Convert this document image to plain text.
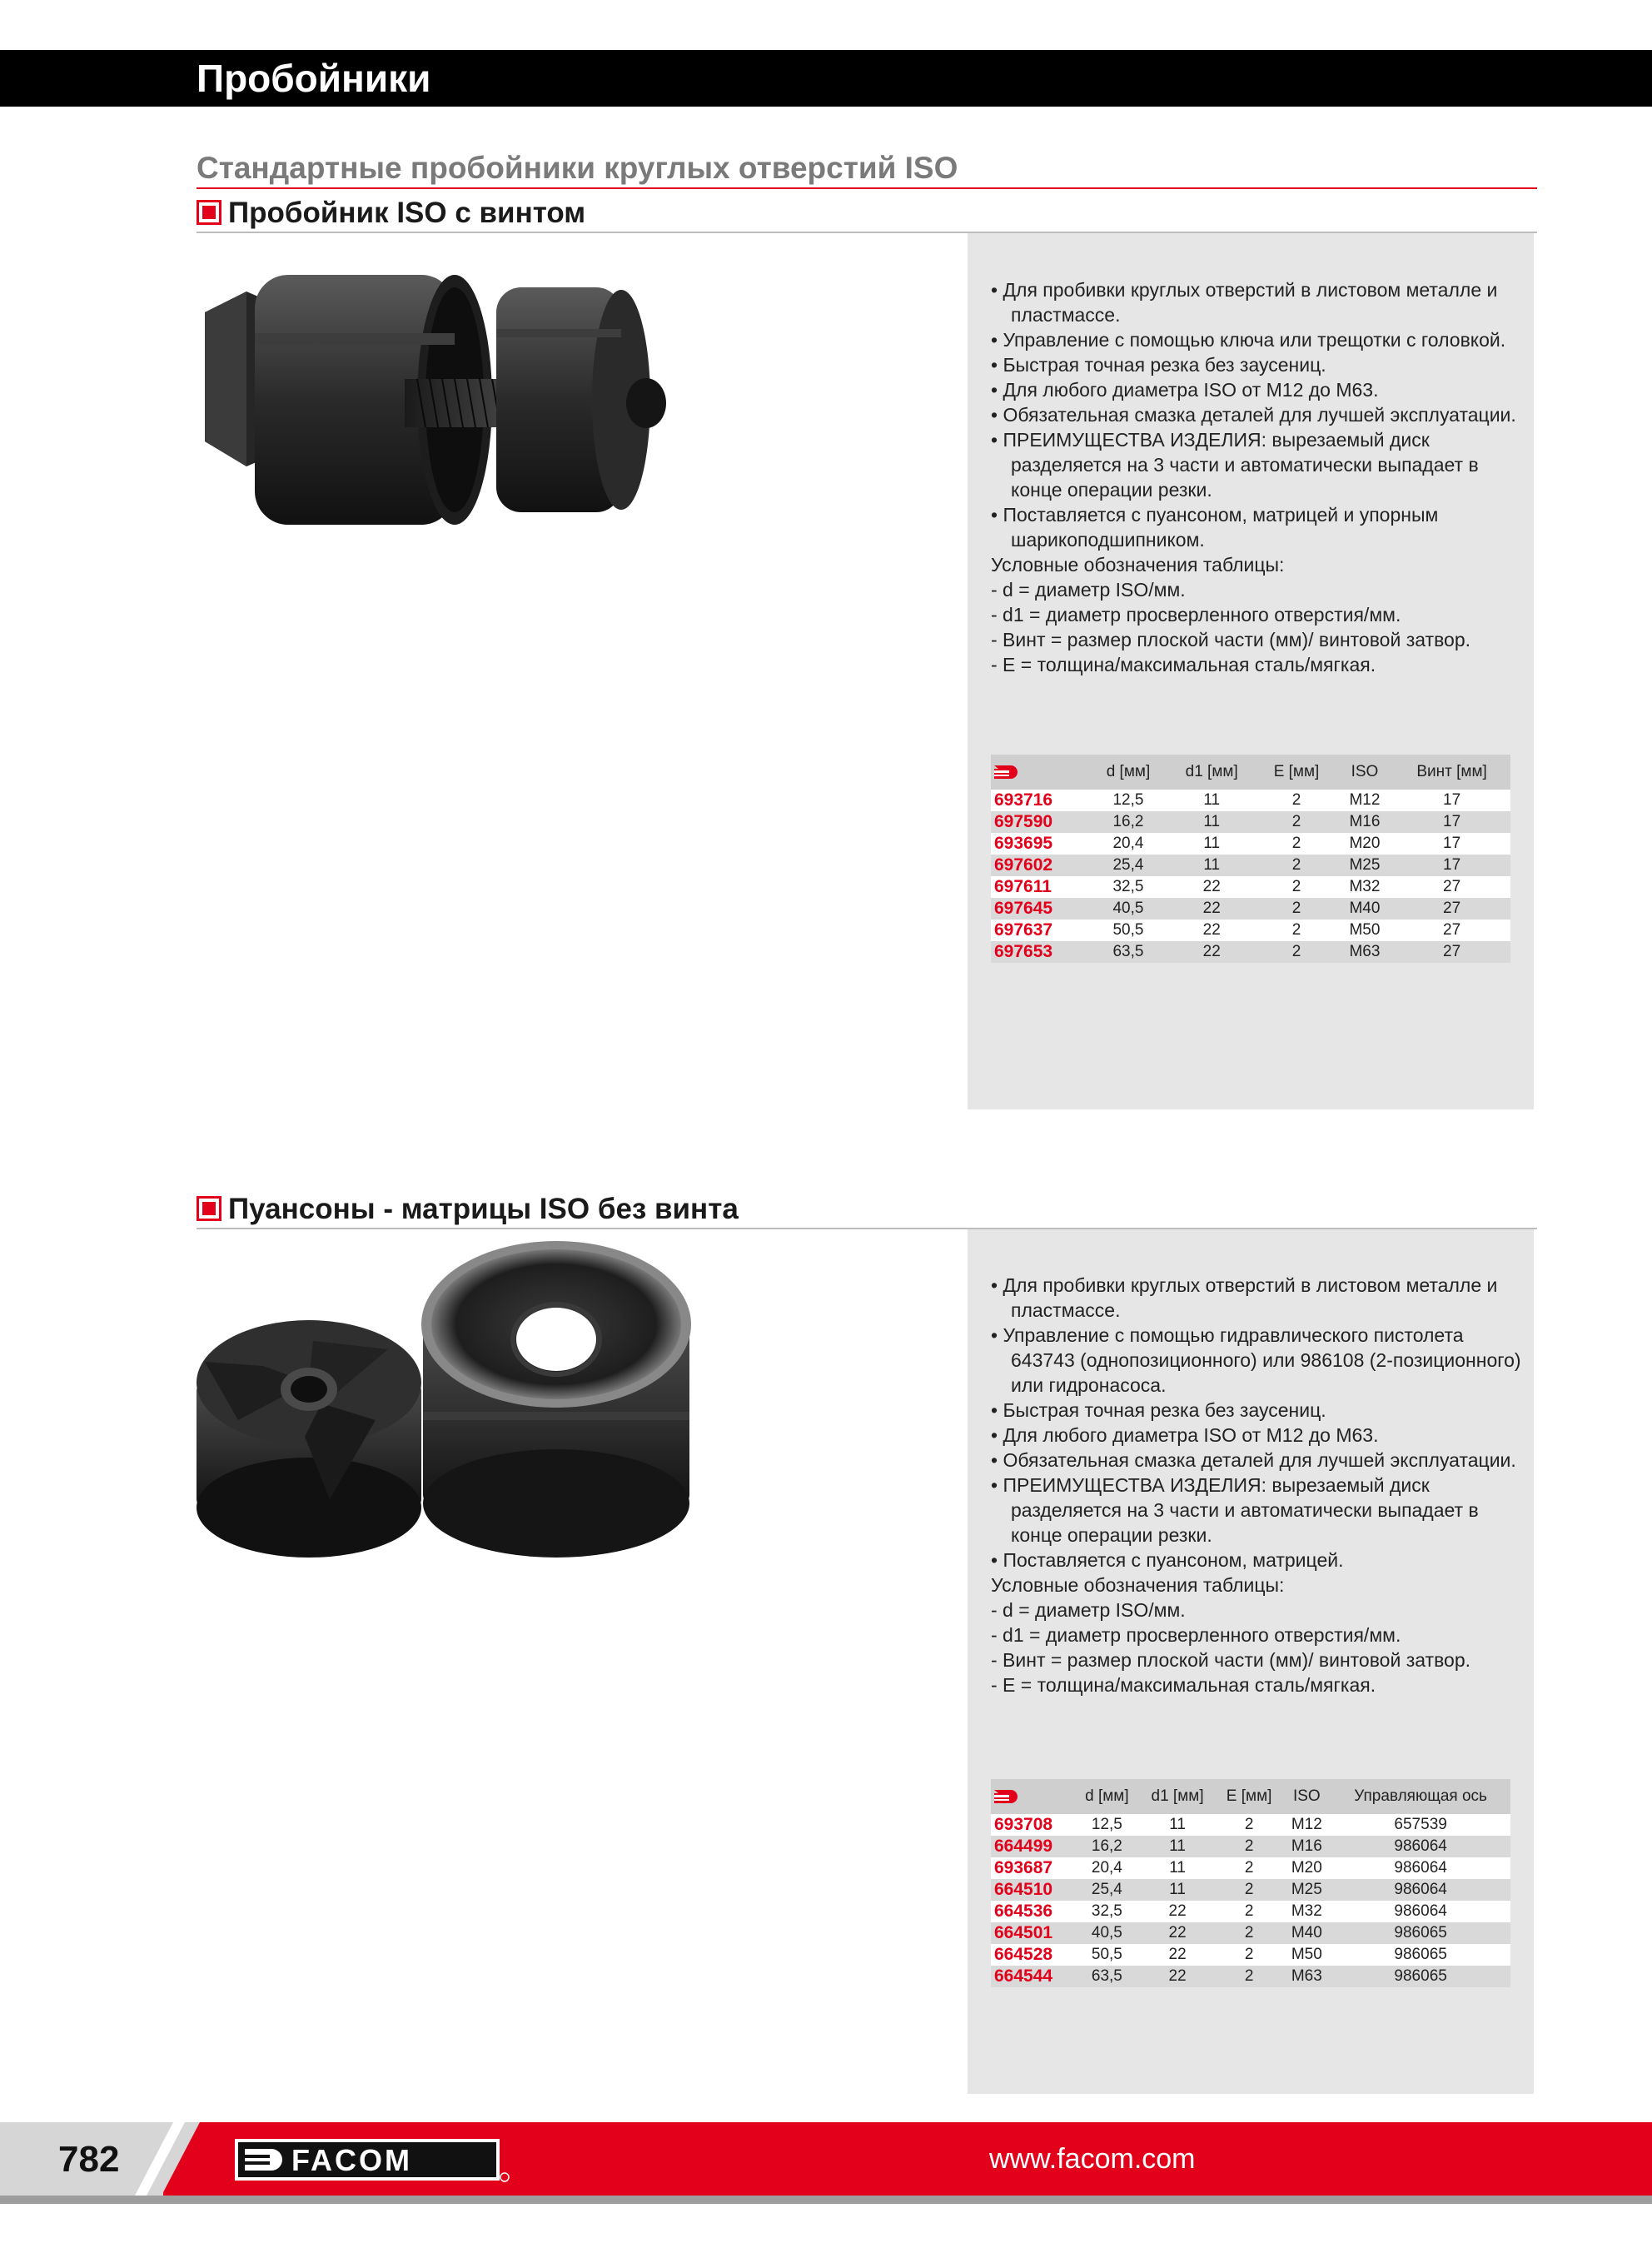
Пробойники
Стандартные пробойники круглых отверстий ISO
Пробойник ISO с винтом

• Для пробивки круглых отверстий в листовом металле и пластмассе.

• Управление с помощью ключа или трещотки с головкой.

• Быстрая точная резка без заусениц.

• Для любого диаметра ISO от M12 до M63.

• Обязательная смазка деталей для лучшей эксплуатации.

• ПРЕИМУЩЕСТВА ИЗДЕЛИЯ: вырезаемый диск разделяется на 3 части и автоматически выпадает в конце операции резки.

• Поставляется с пуансоном, матрицей и упорным шарикоподшипником.

Условные обозначения таблицы:

- d = диаметр ISO/мм.

- d1 = диаметр просверленного отверстия/мм.

- Винт = размер плоской части (мм)/ винтовой затвор.

- E = толщина/максимальная сталь/мягкая.

	d [мм]	d1 [мм]	E [мм]	ISO	Винт [мм]
693716	12,5	11	2	M12	17
697590	16,2	11	2	M16	17
693695	20,4	11	2	M20	17
697602	25,4	11	2	M25	17
697611	32,5	22	2	M32	27
697645	40,5	22	2	M40	27
697637	50,5	22	2	M50	27
697653	63,5	22	2	M63	27
Пуансоны - матрицы ISO без винта

• Для пробивки круглых отверстий в листовом металле и пластмассе.

• Управление с помощью гидравлического пистолета 643743 (однопозиционного) или 986108 (2-позиционного) или гидронасоса.

• Быстрая точная резка без заусениц.

• Для любого диаметра ISO от M12 до M63.

• Обязательная смазка деталей для лучшей эксплуатации.

• ПРЕИМУЩЕСТВА ИЗДЕЛИЯ: вырезаемый диск разделяется на 3 части и автоматически выпадает в конце операции резки.

• Поставляется с пуансоном, матрицей.

Условные обозначения таблицы:

- d = диаметр ISO/мм.

- d1 = диаметр просверленного отверстия/мм.

- Винт = размер плоской части (мм)/ винтовой затвор.

- E = толщина/максимальная сталь/мягкая.

	d [мм]	d1 [мм]	E [мм]	ISO	Управляющая ось
693708	12,5	11	2	M12	657539
664499	16,2	11	2	M16	986064
693687	20,4	11	2	M20	986064
664510	25,4	11	2	M25	986064
664536	32,5	22	2	M32	986064
664501	40,5	22	2	M40	986065
664528	50,5	22	2	M50	986065
664544	63,5	22	2	M63	986065
782	FACOM	www.facom.com
